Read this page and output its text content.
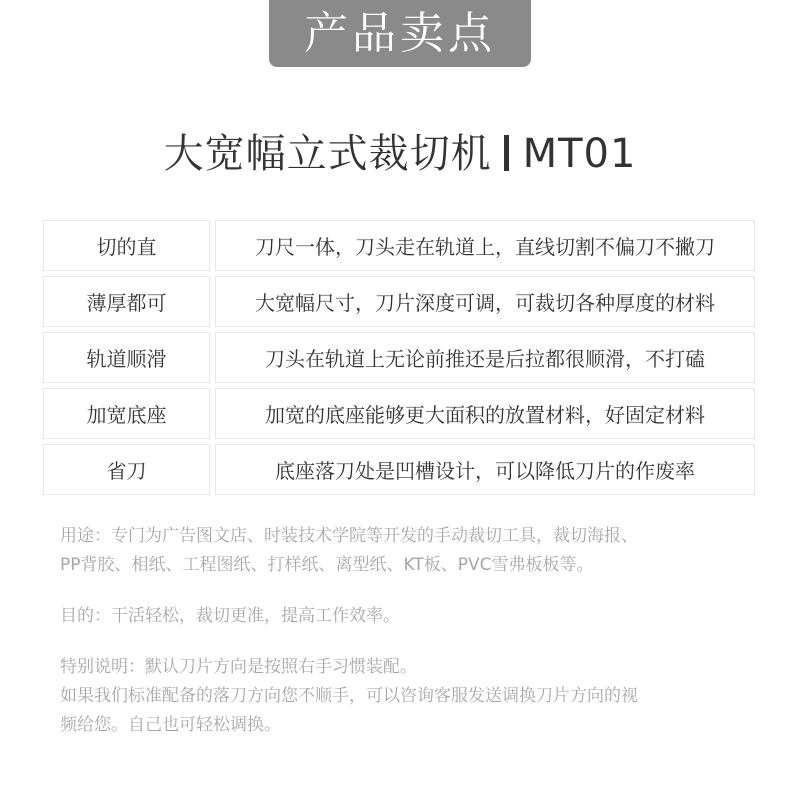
产品卖点
大宽幅立式裁切机 MT01
切的直	刀尺一体，刀头走在轨道上，直线切割不偏刀不撇刀
薄厚都可	大宽幅尺寸，刀片深度可调，可裁切各种厚度的材料
轨道顺滑	刀头在轨道上无论前推还是后拉都很顺滑，不打磕
加宽底座	加宽的底座能够更大面积的放置材料，好固定材料
省刀	底座落刀处是凹槽设计，可以降低刀片的作废率

用途：专门为广告图文店、时装技术学院等开发的手动裁切工具，裁切海报、

PP背胶、相纸、工程图纸、打样纸、离型纸、KT板、PVC雪弗板板等。

目的：干活轻松，裁切更准，提高工作效率。

特别说明：默认刀片方向是按照右手习惯装配。

如果我们标准配备的落刀方向您不顺手，可以咨询客服发送调换刀片方向的视

频给您。自己也可轻松调换。
